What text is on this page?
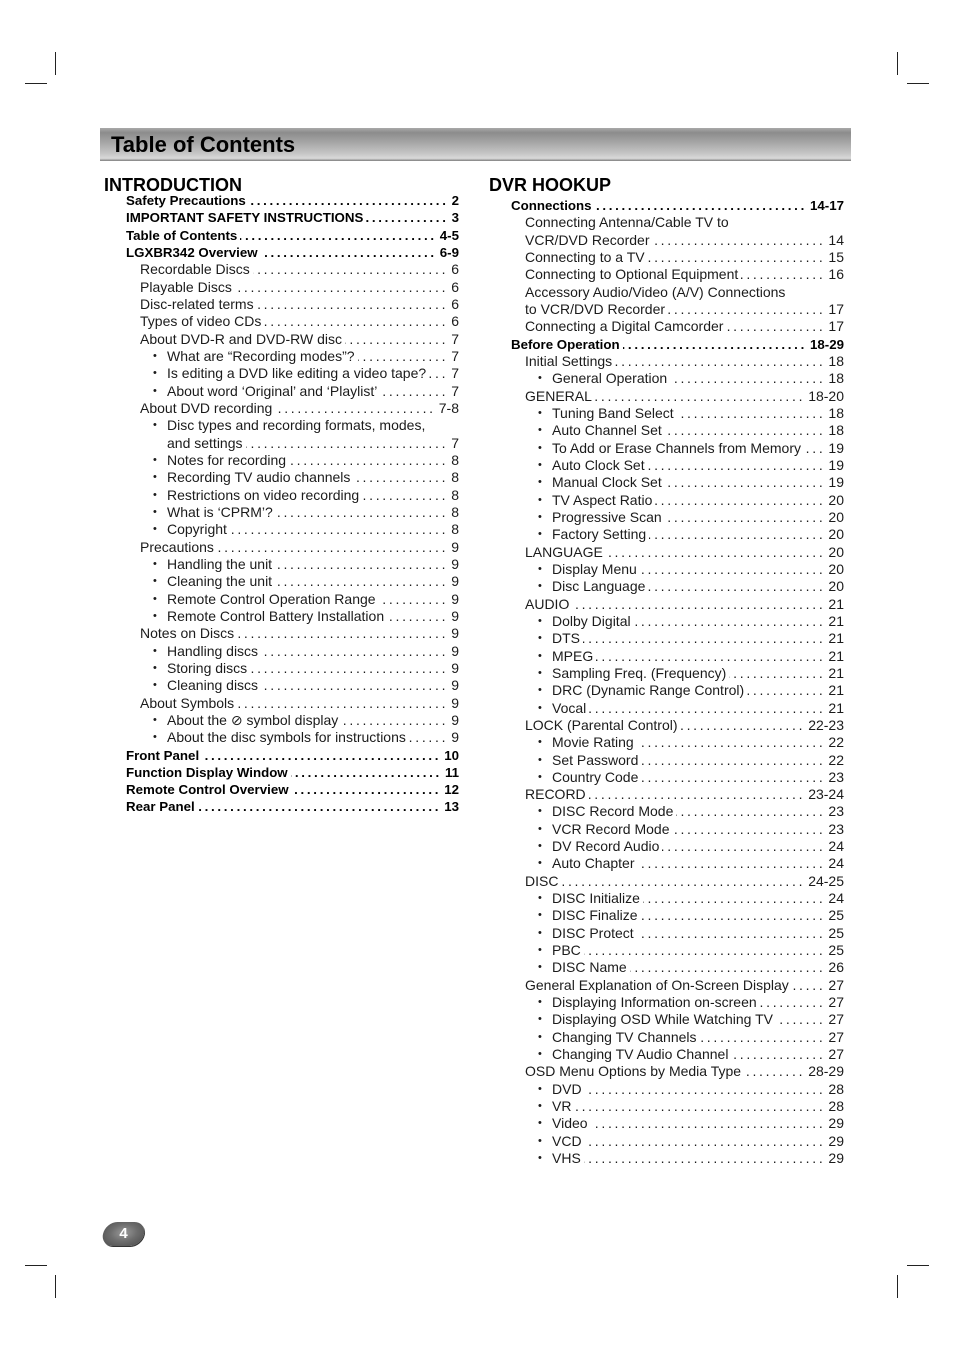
Table of Contents
INTRODUCTION
Safety Precautions .....	2
IMPORTANT SAFETY INSTRUCTIONS .....	3
Table of Contents .....	4-5
LGXBR342 Overview .....	6-9
Recordable Discs .....	6
Playable Discs .....	6
Disc-related terms .....	6
Types of video CDs .....	6
About DVD-R and DVD-RW disc .....	7
•
What are “Recording modes”? .....	7
•
Is editing a DVD like editing a video tape? ..... 7
•
About word ‘Original’ and ‘Playlist’ .....	7
About DVD recording .....	7-8
•
Disc types and recording formats, modes,
and settings .....	7
•
Notes for recording .....	8
•
Recording TV audio channels .....	8
•
Restrictions on video recording .....	8
•
What is ‘CPRM’? .....	8
•
Copyright .....	8
Precautions .....	9
•
Handling the unit .....	9
•
Cleaning the unit .....	9
•
Remote Control Operation Range .....	9
•
Remote Control Battery Installation .....	9
Notes on Discs .....	9
•
Handling discs .....	9
•
Storing discs .....	9
•
Cleaning discs .....	9
About Symbols .....	9
•
About the ⊘ symbol display .....	9
•
About the disc symbols for instructions .....	9
Front Panel .....	10
Function Display Window .....	11
Remote Control Overview .....	12
Rear Panel .....	13
DVR HOOKUP
Connections .....	14-17
Connecting Antenna/Cable TV to
VCR/DVD Recorder .....	14
Connecting to a TV .....	15
Connecting to Optional Equipment .....	16
Accessory Audio/Video (A/V) Connections
to VCR/DVD Recorder .....	17
Connecting a Digital Camcorder .....	17
Before Operation .....	18-29
Initial Settings .....	18
•
General Operation .....	18
GENERAL .....	18-20
•
Tuning Band Select .....	18
•
Auto Channel Set .....	18
•
To Add or Erase Channels from Memory ..... 19
•
Auto Clock Set .....	19
•
Manual Clock Set .....	19
•
TV Aspect Ratio .....	20
•
Progressive Scan .....	20
•
Factory Setting .....	20
LANGUAGE .....	20
•
Display Menu .....	20
•
Disc Language .....	20
AUDIO .....	21
•
Dolby Digital .....	21
•
DTS .....	21
•
MPEG .....	21
•
Sampling Freq. (Frequency) .....	21
•
DRC (Dynamic Range Control) .....	21
•
Vocal .....	21
LOCK (Parental Control) .....	22-23
•
Movie Rating .....	22
•
Set Password .....	22
•
Country Code .....	23
RECORD .....	23-24
•
DISC Record Mode .....	23
•
VCR Record Mode .....	23
•
DV Record Audio .....	24
•
Auto Chapter .....	24
DISC .....	24-25
•
DISC Initialize .....	24
•
DISC Finalize .....	25
•
DISC Protect .....	25
•
PBC .....	25
•
DISC Name .....	26
General Explanation of On-Screen Display .....	27
•
Displaying Information on-screen .....	27
•
Displaying OSD While Watching TV .....	27
•
Changing TV Channels .....	27
•
Changing TV Audio Channel .....	27
OSD Menu Options by Media Type .....	28-29
•
DVD .....	28
•
VR .....	28
•
Video .....	29
•
VCD .....	29
•
VHS .....	29
4
